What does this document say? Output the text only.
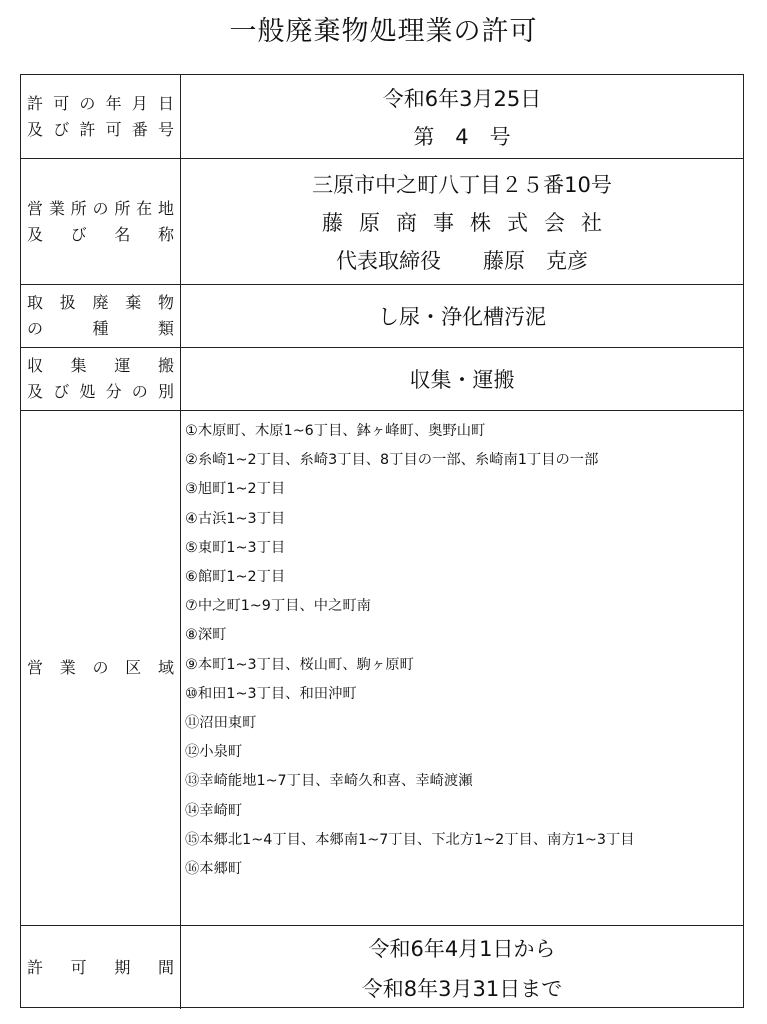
一般廃棄物処理業の許可
許可の年月日
及び許可番号
令和6年3月25日
第　4　号
営業所の所在地
及　び　名　称
三原市中之町八丁目２５番10号
藤原商事株式会社
代表取締役　　藤原　克彦
取扱廃棄物
の　　種　　類	し尿・浄化槽汚泥
収　集　運　搬
及び処分の別	収集・運搬
営業の区域
①木原町、木原1~6丁目、鉢ヶ峰町、奥野山町
②糸崎1~2丁目、糸崎3丁目、8丁目の一部、糸崎南1丁目の一部
③旭町1~2丁目
④古浜1~3丁目
⑤東町1~3丁目
⑥館町1~2丁目
⑦中之町1~9丁目、中之町南
⑧深町
⑨本町1~3丁目、桜山町、駒ヶ原町
⑩和田1~3丁目、和田沖町
⑪沼田東町
⑫小泉町
⑬幸崎能地1~7丁目、幸崎久和喜、幸崎渡瀬
⑭幸崎町
⑮本郷北1~4丁目、本郷南1~7丁目、下北方1~2丁目、南方1~3丁目
⑯本郷町
許可期間
令和6年4月1日から
令和8年3月31日まで
